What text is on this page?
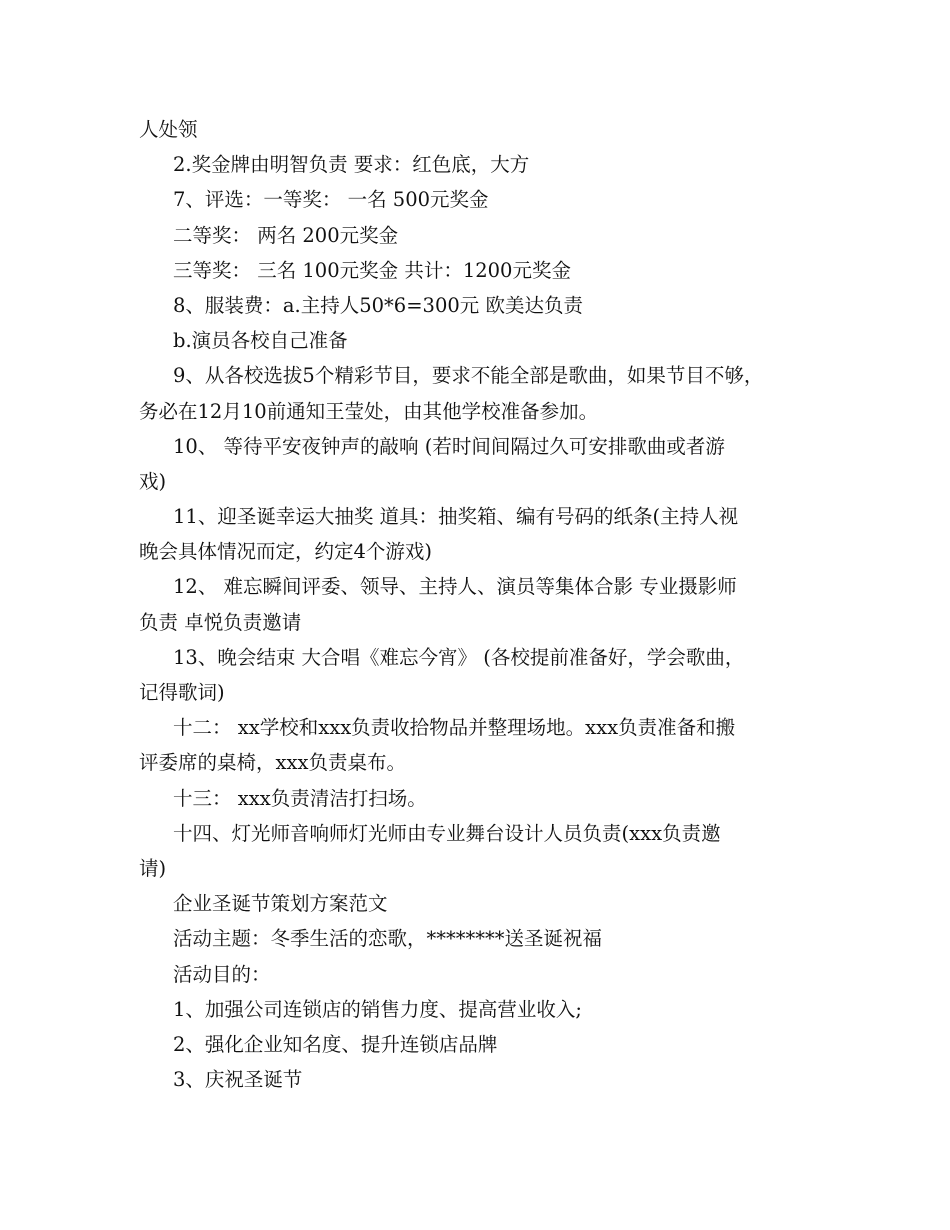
人处领
2.奖金牌由明智负责 要求：红色底，大方
7、评选：一等奖： 一名 500元奖金
二等奖： 两名 200元奖金
三等奖： 三名 100元奖金 共计：1200元奖金
8、服装费：a.主持人50*6=300元 欧美达负责
b.演员各校自己准备
9、从各校选拔5个精彩节目，要求不能全部是歌曲，如果节目不够，
务必在12月10前通知王莹处，由其他学校准备参加。
10、 等待平安夜钟声的敲响 (若时间间隔过久可安排歌曲或者游
戏)
11、迎圣诞幸运大抽奖 道具：抽奖箱、编有号码的纸条(主持人视
晚会具体情况而定，约定4个游戏)
12、 难忘瞬间评委、领导、主持人、演员等集体合影 专业摄影师
负责 卓悦负责邀请
13、晚会结束 大合唱《难忘今宵》 (各校提前准备好，学会歌曲，
记得歌词)
十二： xx学校和xxx负责收拾物品并整理场地。xxx负责准备和搬
评委席的桌椅，xxx负责桌布。
十三： xxx负责清洁打扫场。
十四、灯光师音响师灯光师由专业舞台设计人员负责(xxx负责邀
请)
企业圣诞节策划方案范文
活动主题：冬季生活的恋歌，********送圣诞祝福
活动目的：
1、加强公司连锁店的销售力度、提高营业收入;
2、强化企业知名度、提升连锁店品牌
3、庆祝圣诞节
